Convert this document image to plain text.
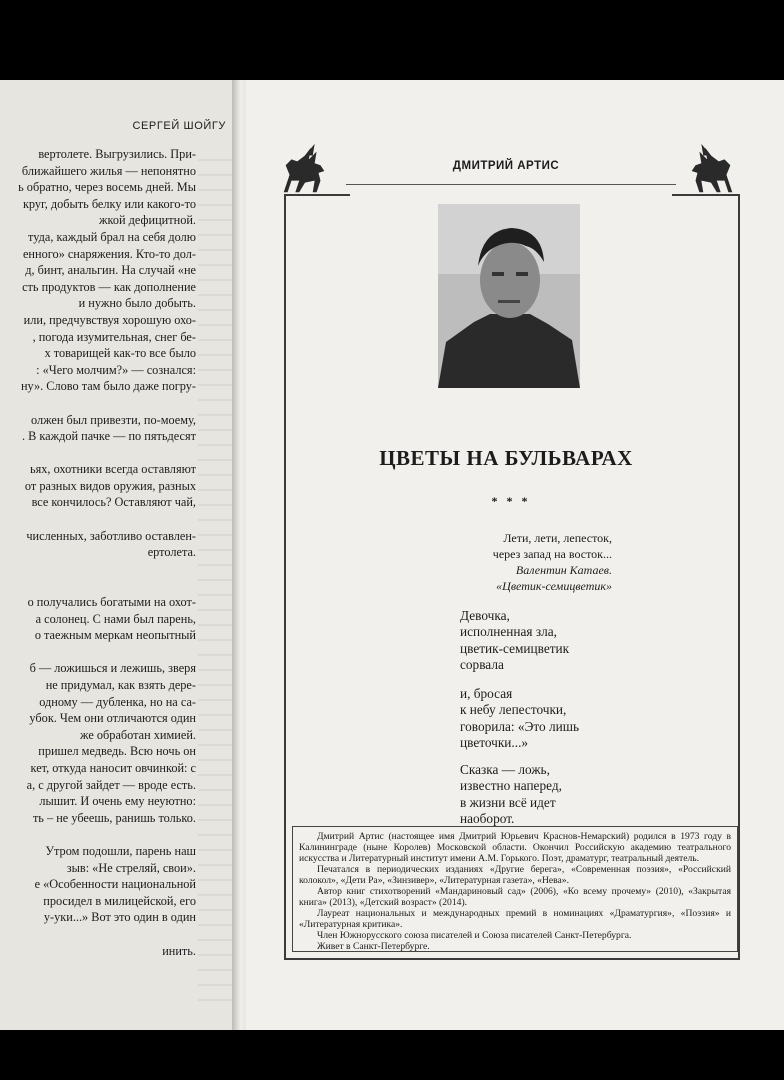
СЕРГЕЙ ШОЙГУ
вертолете. Выгрузились. При-
ближайшего жилья — непонятно
ь обратно, через восемь дней. Мы
круг, добыть белку или какого-то
жкой дефицитной.
туда, каждый брал на себя долю
енного» снаряжения. Кто-то дол-
д, бинт, анальгин. На случай «не
сть продуктов — как дополнение
и нужно было добыть.
или, предчувствуя хорошую охо-
, погода изумительная, снег бе-
х товарищей как-то все было
: «Чего молчим?» — сознался:
ну». Слово там было даже погру-
олжен был привезти, по-моему,
. В каждой пачке — по пятьдесят
ьях, охотники всегда оставляют
от разных видов оружия, разных
все кончилось? Оставляют чай,
численных, заботливо оставлен-
ертолета.
о получались богатыми на охот-
а солонец. С нами был парень,
о таежным меркам неопытный
б — ложишься и лежишь, зверя
не придумал, как взять дере-
одному — дубленка, но на са-
убок. Чем они отличаются один
же обработан химией.
пришел медведь. Всю ночь он
кет, откуда наносит овчинкой: с
а, с другой зайдет — вроде есть.
лышит. И очень ему неуютно:
ть – не убеешь, ранишь только.
Утром подошли, парень наш
зыв: «Не стреляй, свои».
е «Особенности национальной
просидел в милицейской, его
у-уки...» Вот это один в один
инить.
ДМИТРИЙ АРТИС
ЦВЕТЫ НА БУЛЬВАРАХ
* * *
Лети, лети, лепесток,
через запад на восток...
Валентин Катаев.
«Цветик-семицветик»
Девочка,
исполненная зла,
цветик-семицветик
сорвала
и, бросая
к небу лепесточки,
говорила: «Это лишь
цветочки...»
Сказка — ложь,
известно наперед,
в жизни всё идет
наоборот.

Дмитрий Артис (настоящее имя Дмитрий Юрьевич Краснов-Немарский) родился в 1973 году в Калининграде (ныне Королев) Московской области. Окончил Российскую академию театрального искусства и Литературный институт имени А.М. Горького. Поэт, драматург, театральный деятель.

Печатался в периодических изданиях «Другие берега», «Современная поэзия», «Российский колокол», «Дети Ра», «Зинзивер», «Литературная газета», «Нева».

Автор книг стихотворений «Мандариновый сад» (2006), «Ко всему прочему» (2010), «Закрытая книга» (2013), «Детский возраст» (2014).

Лауреат национальных и международных премий в номинациях «Драматургия», «Поэзия» и «Литературная критика».

Член Южнорусского союза писателей и Союза писателей Санкт-Петербурга.

Живет в Санкт-Петербурге.
